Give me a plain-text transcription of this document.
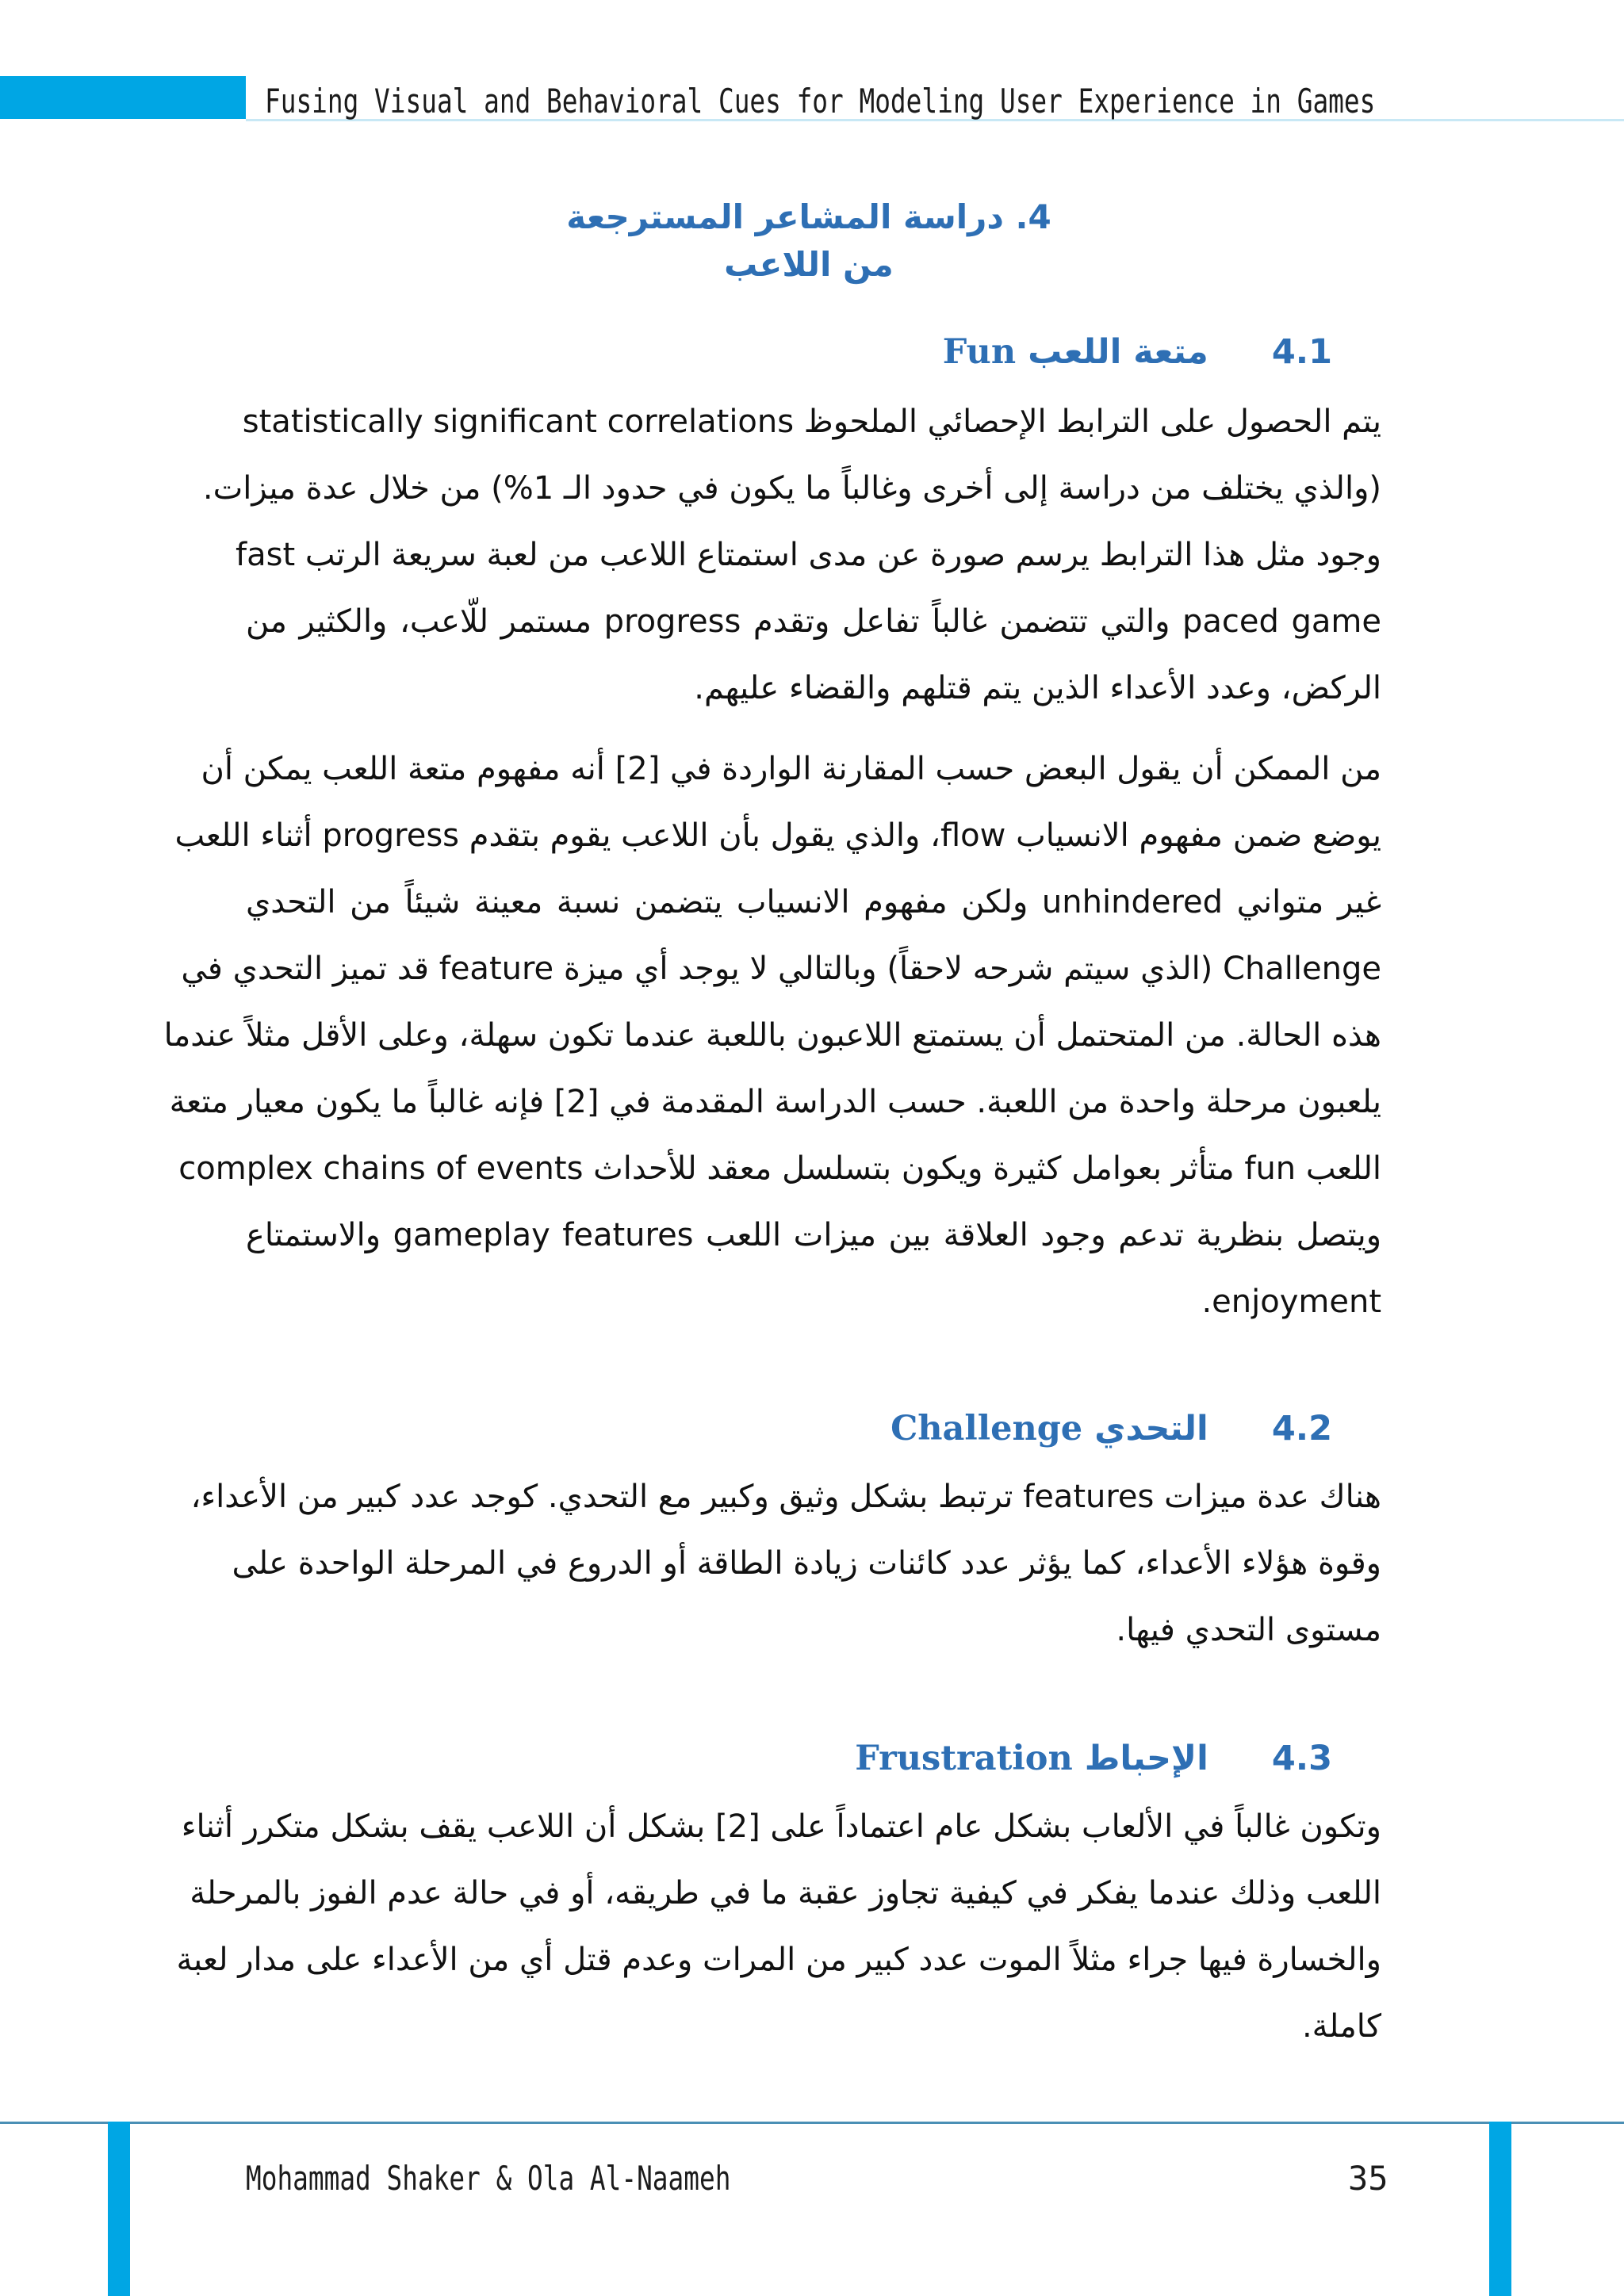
Fusing Visual and Behavioral Cues for Modeling User Experience in Games
4. دراسة المشاعر المسترجعة من اللاعب
4.1متعة اللعب Fun
يتم الحصول على الترابط الإحصائي الملحوظ statistically significant correlations
(والذي يختلف من دراسة إلى أخرى وغالباً ما يكون في حدود الـ 1%) من خلال عدة ميزات.
وجود مثل هذا الترابط يرسم صورة عن مدى استمتاع اللاعب من لعبة سريعة الرتب fast
paced game والتي تتضمن غالباً تفاعل وتقدم progress مستمر للّاعب، والكثير من
الركض، وعدد الأعداء الذين يتم قتلهم والقضاء عليهم.
من الممكن أن يقول البعض حسب المقارنة الواردة في [2] أنه مفهوم متعة اللعب يمكن أن
يوضع ضمن مفهوم الانسياب flow، والذي يقول بأن اللاعب يقوم بتقدم progress أثناء اللعب
غير متواني unhindered ولكن مفهوم الانسياب يتضمن نسبة معينة شيئاً من التحدي
Challenge (الذي سيتم شرحه لاحقاً) وبالتالي لا يوجد أي ميزة feature قد تميز التحدي في
هذه الحالة. من المتحتمل أن يستمتع اللاعبون باللعبة عندما تكون سهلة، وعلى الأقل مثلاً عندما
يلعبون مرحلة واحدة من اللعبة. حسب الدراسة المقدمة في [2] فإنه غالباً ما يكون معيار متعة
اللعب fun متأثر بعوامل كثيرة ويكون بتسلسل معقد للأحداث complex chains of events
ويتصل بنظرية تدعم وجود العلاقة بين ميزات اللعب gameplay features والاستمتاع
enjoyment.
4.2التحدي Challenge
هناك عدة ميزات features ترتبط بشكل وثيق وكبير مع التحدي. كوجد عدد كبير من الأعداء،
وقوة هؤلاء الأعداء، كما يؤثر عدد كائنات زيادة الطاقة أو الدروع في المرحلة الواحدة على
مستوى التحدي فيها.
4.3الإحباط Frustration
وتكون غالباً في الألعاب بشكل عام اعتماداً على [2] بشكل أن اللاعب يقف بشكل متكرر أثناء
اللعب وذلك عندما يفكر في كيفية تجاوز عقبة ما في طريقه، أو في حالة عدم الفوز بالمرحلة
والخسارة فيها جراء مثلاً الموت عدد كبير من المرات وعدم قتل أي من الأعداء على مدار لعبة
كاملة.
Mohammad Shaker & Ola Al-Naameh	35
